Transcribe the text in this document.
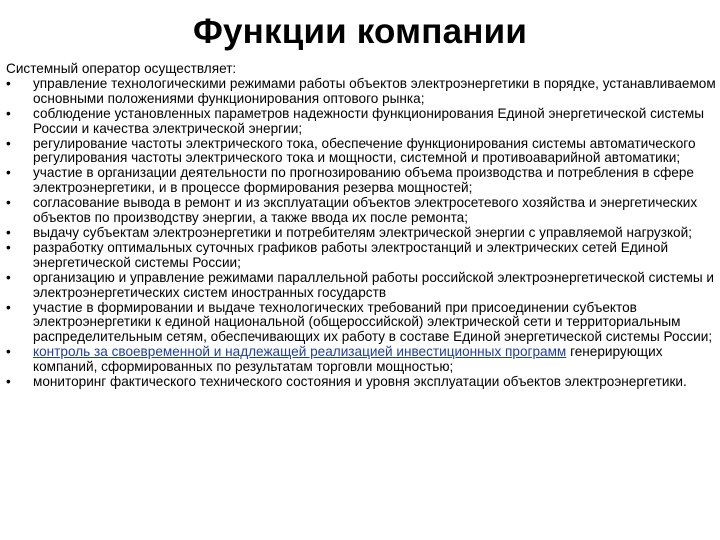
Функции компании

Системный оператор осуществляет:

•	управление технологическими режимами работы объектов электроэнергетики в порядке, устанавливаемом основными положениями функционирования оптового рынка;
•	соблюдение установленных параметров надежности функционирования Единой энергетической системы России и качества электрической энергии;
•	регулирование частоты электрического тока, обеспечение функционирования системы автоматического регулирования частоты электрического тока и мощности, системной и противоаварийной автоматики;
•	участие в организации деятельности по прогнозированию объема производства и потребления в сфере электроэнергетики, и в процессе формирования резерва мощностей;
•	согласование вывода в ремонт и из эксплуатации объектов электросетевого хозяйства и энергетических объектов по производству энергии, а также ввода их после ремонта;
•	выдачу субъектам электроэнергетики и потребителям электрической энергии с управляемой нагрузкой;
•	разработку оптимальных суточных графиков работы электростанций и электрических сетей Единой энергетической системы России;
•	организацию и управление режимами параллельной работы российской электроэнергетической системы и электроэнергетических систем иностранных государств
•	участие в формировании и выдаче технологических требований при присоединении субъектов электроэнергетики к единой национальной (общероссийской) электрической сети и территориальным распределительным сетям, обеспечивающих их работу в составе Единой энергетической системы России;
•	контроль за своевременной и надлежащей реализацией инвестиционных программ генерирующих компаний, сформированных по результатам торговли мощностью;
•	мониторинг фактического технического состояния и уровня эксплуатации объектов электроэнергетики.
